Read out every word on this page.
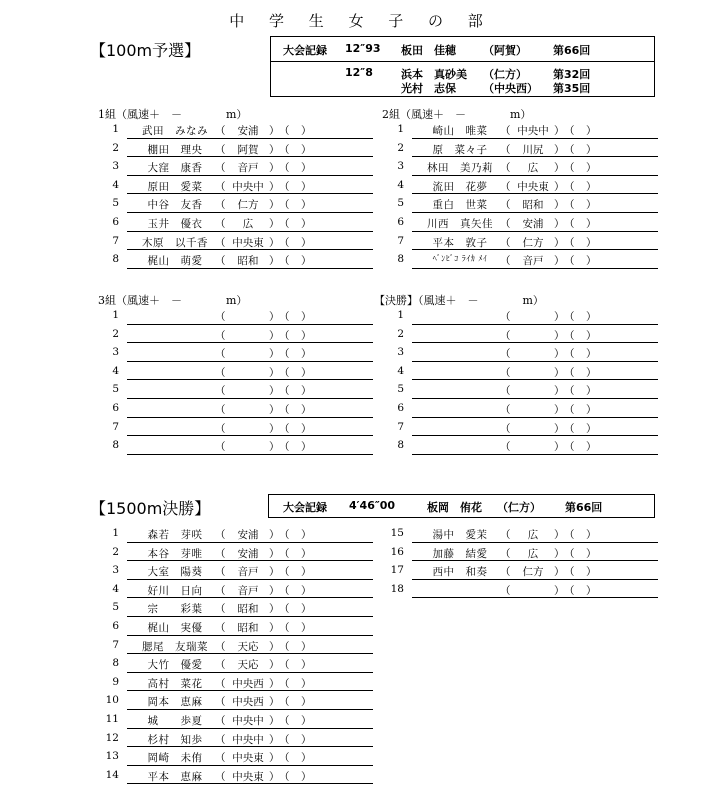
中 学 生 女 子 の 部
【100m予選】	大会記録 12″93 板田　佳穂 （阿賀） 第66回
12″8	浜本　真砂美 （仁方） 第32回
光村　志保 （中央西） 第35回
1組（風速＋　－　　　　m）	2組（風速＋　－　　　　m）
3組（風速＋　－　　　　m）	【決勝】（風速＋　－　　　　m）
1	武田　みなみ （	安浦	） （ ）
2	棚田　理央	（	阿賀	） （ ）
3	大窪　康香	（	音戸	） （ ）
4	原田　愛菜	（ 中央中 ） （ ）
5	中谷　友香	（	仁方	） （ ）
6	玉井　優衣	（	広	） （ ）
7	木原　以千香 （ 中央東 ） （ ）
8	梶山　萌愛	（	昭和	） （ ）
1	崎山　唯菜	（ 中央中 ） （ ）
2	原　菜々子	（	川尻	） （ ）
3	林田　美乃莉 （	広	） （ ）
4	流田　花夢	（ 中央東 ） （ ）
5	重白　世菜	（	昭和	） （ ）
6	川西　真矢佳 （	安浦	） （ ）
7	平本　敦子	（	仁方	） （ ）
8	ﾍﾞﾝﾋﾞｺ ﾗｲｶ ﾒｲ	（	音戸	） （ ）
1	（	） （ ）
2	（	） （ ）
3	（	） （ ）
4	（	） （ ）
5	（	） （ ）
6	（	） （ ）
7	（	） （ ）
8	（	） （ ）
1	（	） （ ）
2	（	） （ ）
3	（	） （ ）
4	（	） （ ）
5	（	） （ ）
6	（	） （ ）
7	（	） （ ）
8	（	） （ ）
【1500m決勝】	大会記録 4′46″00	板岡　侑花 （仁方） 第66回
1	森若　芽咲	（	安浦	） （ ）
2	本谷　芽唯	（	安浦	） （ ）
3	大室　陽葵	（	音戸	） （ ）
4	好川　日向	（	音戸	） （ ）
5	宗　　彩葉	（	昭和	） （ ）
6	梶山　実優	（	昭和	） （ ）
7	腮尾　友瑞菜 （	天応	） （ ）
8	大竹　優愛	（	天応	） （ ）
9	高村　菜花	（ 中央西 ） （ ）
10	岡本　恵麻	（ 中央西 ） （ ）
11	城　　歩夏	（ 中央中 ） （ ）
12	杉村　知歩	（ 中央中 ） （ ）
13	岡崎　未侑	（ 中央東 ） （ ）
14	平本　恵麻	（ 中央東 ） （ ）
15	湯中　愛茉	（	広	） （ ）
16	加藤　結愛	（	広	） （ ）
17	西中　和奏	（	仁方	） （ ）
18	（	） （ ）
